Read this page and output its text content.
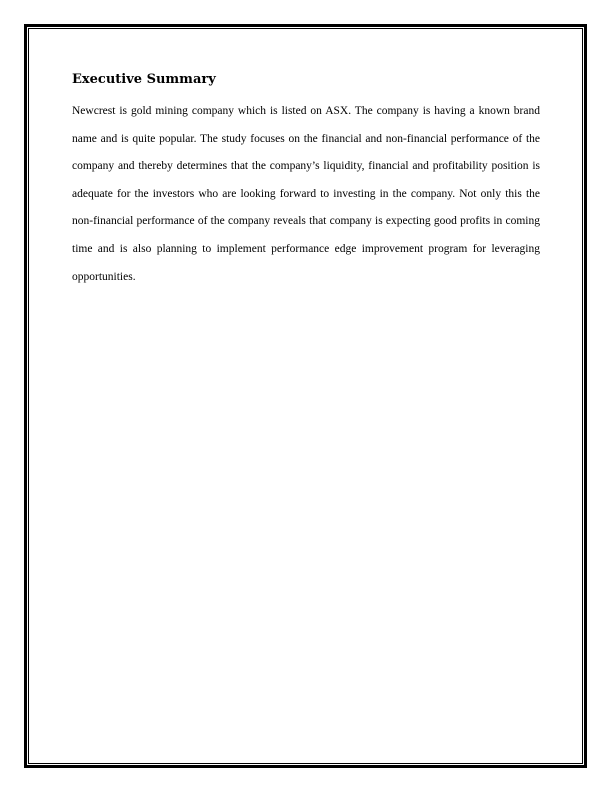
Executive Summary

Newcrest is gold mining company which is listed on ASX. The company is having a known brand name and is quite popular. The study focuses on the financial and non-financial performance of the company and thereby determines that the company’s liquidity, financial and profitability position is adequate for the investors who are looking forward to investing in the company. Not only this the non-financial performance of the company reveals that company is expecting good profits in coming time and is also planning to implement performance edge improvement program for leveraging opportunities.
